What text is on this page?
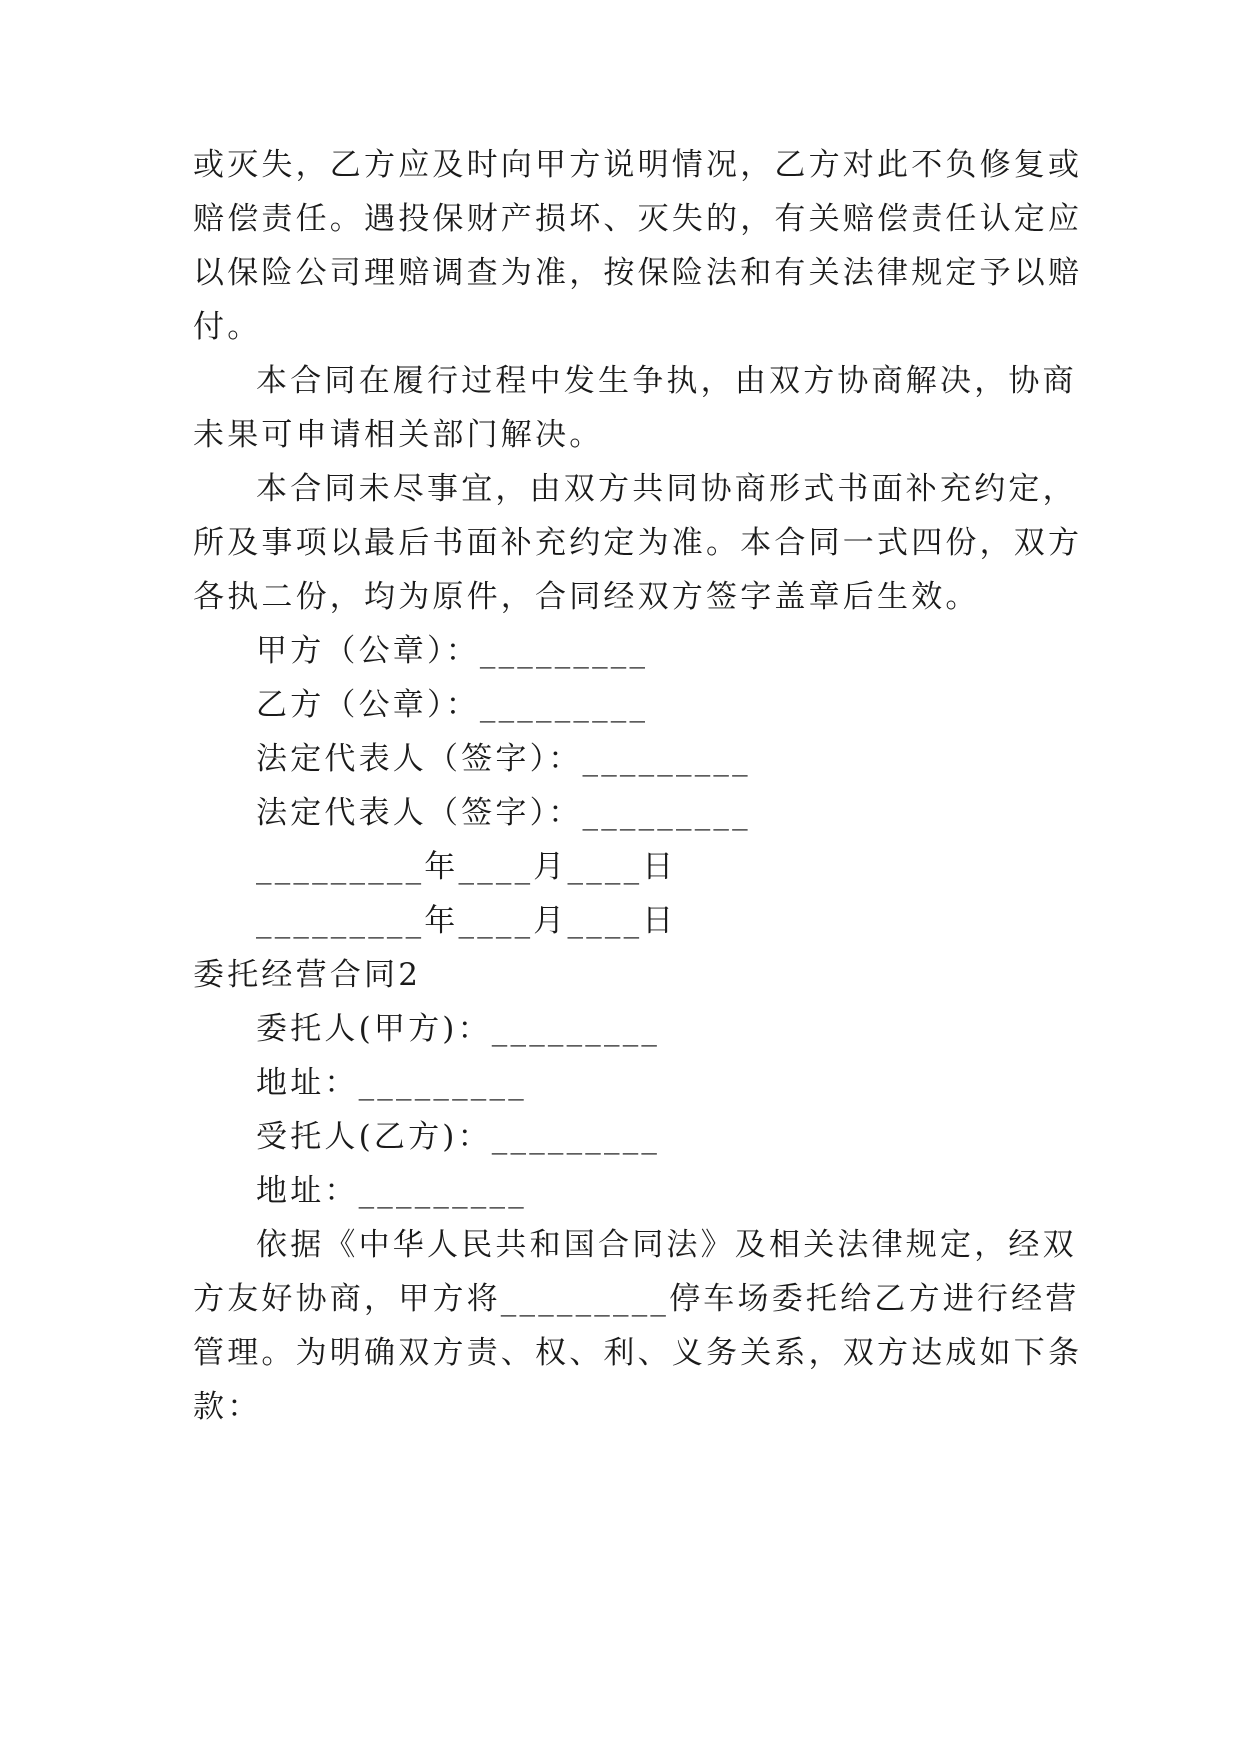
或灭失，乙方应及时向甲方说明情况，乙方对此不负修复或
赔偿责任。遇投保财产损坏、灭失的，有关赔偿责任认定应
以保险公司理赔调查为准，按保险法和有关法律规定予以赔
付。
本合同在履行过程中发生争执，由双方协商解决，协商
未果可申请相关部门解决。
本合同未尽事宜，由双方共同协商形式书面补充约定，
所及事项以最后书面补充约定为准。本合同一式四份，双方
各执二份，均为原件，合同经双方签字盖章后生效。
甲方（公章）：_________
乙方（公章）：_________
法定代表人（签字）：_________
法定代表人（签字）：_________
_________年____月____日
_________年____月____日
委托经营合同2
委托人(甲方)：_________
地址：_________
受托人(乙方)：_________
地址：_________
依据《中华人民共和国合同法》及相关法律规定，经双
方友好协商，甲方将_________停车场委托给乙方进行经营
管理。为明确双方责、权、利、义务关系，双方达成如下条
款：
